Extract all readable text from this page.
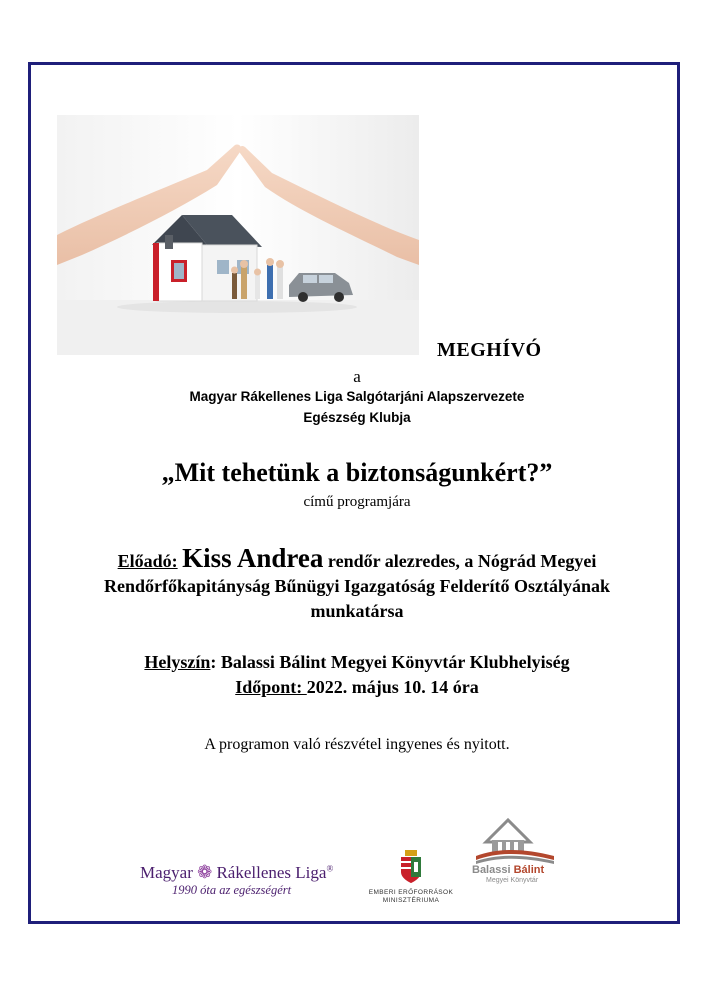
MEGHÍVÓ
a
Magyar Rákellenes Liga Salgótarjáni Alapszervezete
Egészség Klubja
„Mit tehetünk a biztonságunkért?”
című programjára
Előadó: Kiss Andrea rendőr alezredes, a Nógrád Megyei
Rendőrfőkapitányság Bűnügyi Igazgatóság Felderítő Osztályának
munkatársa
Helyszín: Balassi Bálint Megyei Könyvtár Klubhelyiség
Időpont: 2022. május 10. 14 óra
A programon való részvétel ingyenes és nyitott.
Magyar ❁ Rákellenes Liga®
1990 óta az egészségért	EMBERI ERŐFORRÁSOK
MINISZTÉRIUMA
Balassi Bálint
Megyei Könyvtár
